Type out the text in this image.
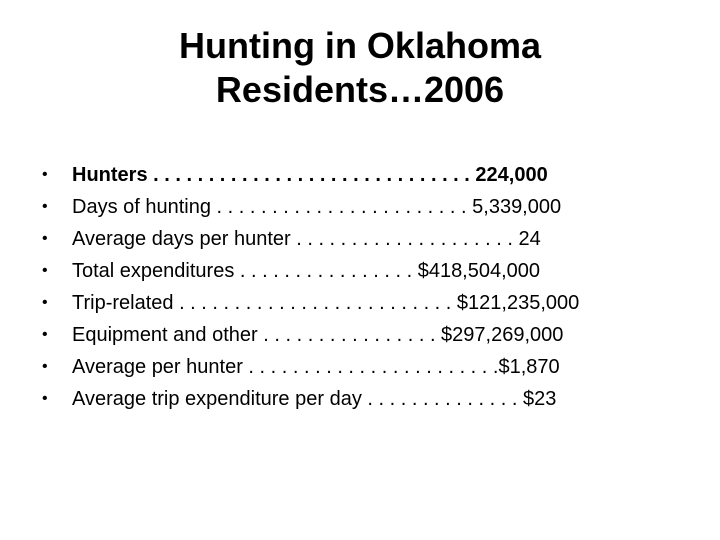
Hunting in Oklahoma
Residents…2006
• Hunters . . . . . . . . . . . . . . . . . . . . . . . . . . . . . 224,000
• Days of hunting . . . . . . . . . . . . . . . . . . . . . . . 5,339,000
• Average days per hunter . . . . . . . . . . . . . . . . . . . . 24
• Total expenditures . . . . . . . . . . . . . . . . $418,504,000
• Trip-related . . . . . . . . . . . . . . . . . . . . . . . . . $121,235,000
• Equipment and other . . . . . . . . . . . . . . . . $297,269,000
• Average per hunter . . . . . . . . . . . . . . . . . . . . . . .$1,870
• Average trip expenditure per day . . . . . . . . . . . . . . $23
